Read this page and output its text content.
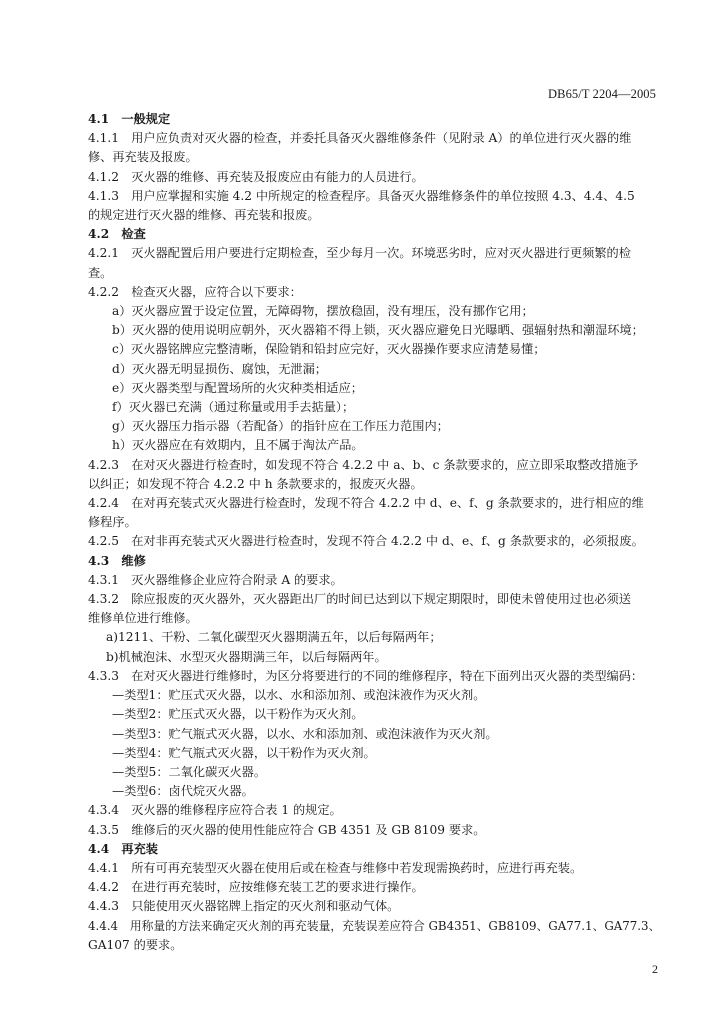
DB65/T 2204—2005

4.1　一般规定

4.1.1　用户应负责对灭火器的检查，并委托具备灭火器维修条件（见附录 A）的单位进行灭火器的维

修、再充装及报废。

4.1.2　灭火器的维修、再充装及报废应由有能力的人员进行。

4.1.3　用户应掌握和实施 4.2 中所规定的检查程序。具备灭火器维修条件的单位按照 4.3、4.4、4.5

的规定进行灭火器的维修、再充装和报废。

4.2　检查

4.2.1　灭火器配置后用户要进行定期检查，至少每月一次。环境恶劣时，应对灭火器进行更频繁的检

查。

4.2.2　检查灭火器，应符合以下要求：

a）灭火器应置于设定位置，无障碍物，摆放稳固，没有埋压，没有挪作它用；

b）灭火器的使用说明应朝外，灭火器箱不得上锁，灭火器应避免日光曝晒、强辐射热和潮湿环境；

c）灭火器铭牌应完整清晰，保险销和铅封应完好，灭火器操作要求应清楚易懂；

d）灭火器无明显损伤、腐蚀，无泄漏；

e）灭火器类型与配置场所的火灾种类相适应；

f）灭火器已充满（通过称量或用手去掂量）；

g）灭火器压力指示器（若配备）的指针应在工作压力范围内；

h）灭火器应在有效期内，且不属于淘汰产品。

4.2.3　在对灭火器进行检查时，如发现不符合 4.2.2 中 a、b、c 条款要求的，应立即采取整改措施予

以纠正；如发现不符合 4.2.2 中 h 条款要求的，报废灭火器。

4.2.4　在对再充装式灭火器进行检查时，发现不符合 4.2.2 中 d、e、f、g 条款要求的，进行相应的维

修程序。

4.2.5　在对非再充装式灭火器进行检查时，发现不符合 4.2.2 中 d、e、f、g 条款要求的，必须报废。

4.3　维修

4.3.1　灭火器维修企业应符合附录 A 的要求。

4.3.2　除应报废的灭火器外，灭火器距出厂的时间已达到以下规定期限时，即使未曾使用过也必须送

维修单位进行维修。

a)1211、干粉、二氧化碳型灭火器期满五年，以后每隔两年；

b)机械泡沫、水型灭火器期满三年，以后每隔两年。

4.3.3　在对灭火器进行维修时，为区分将要进行的不同的维修程序，特在下面列出灭火器的类型编码：

—类型1：贮压式灭火器，以水、水和添加剂、或泡沫液作为灭火剂。

—类型2：贮压式灭火器，以干粉作为灭火剂。

—类型3：贮气瓶式灭火器，以水、水和添加剂、或泡沫液作为灭火剂。

—类型4：贮气瓶式灭火器，以干粉作为灭火剂。

—类型5：二氧化碳灭火器。

—类型6：卤代烷灭火器。

4.3.4　灭火器的维修程序应符合表 1 的规定。

4.3.5　维修后的灭火器的使用性能应符合 GB 4351 及 GB 8109 要求。

4.4　再充装

4.4.1　所有可再充装型灭火器在使用后或在检查与维修中若发现需换药时，应进行再充装。

4.4.2　在进行再充装时，应按维修充装工艺的要求进行操作。

4.4.3　只能使用灭火器铭牌上指定的灭火剂和驱动气体。

4.4.4　用称量的方法来确定灭火剂的再充装量，充装误差应符合 GB4351、GB8109、GA77.1、GA77.3、

GA107 的要求。

2
